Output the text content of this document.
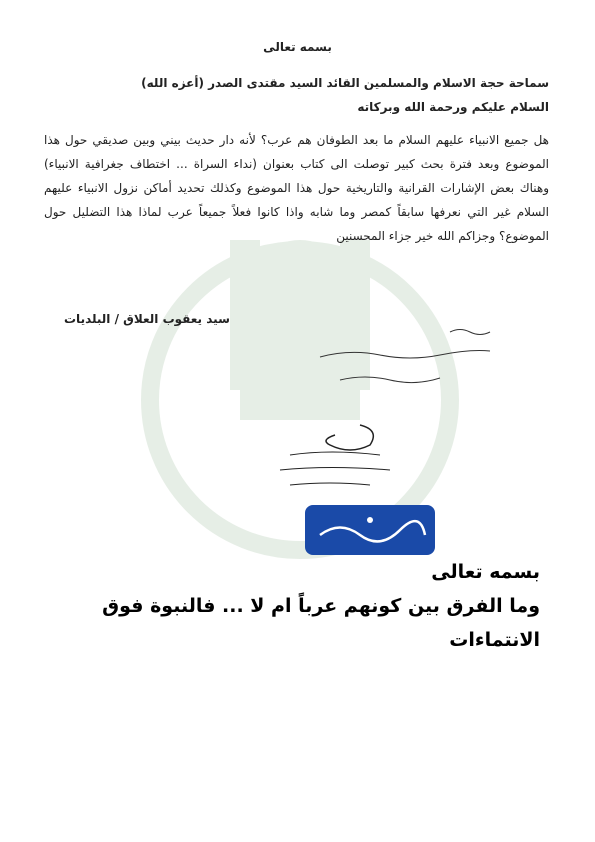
بسمه تعالى
سماحة حجة الاسلام والمسلمين القائد السيد مقتدى الصدر (أعزه الله)
السلام عليكم ورحمة الله وبركاته
هل جميع الانبياء عليهم السلام ما بعد الطوفان هم عرب؟ لأنه دار حديث بيني وبين صديقي حول هذا الموضوع وبعد فترة بحث كبير توصلت الى كتاب بعنوان (نداء السراة ... اختطاف جغرافية الانبياء) وهناك بعض الإشارات القرانية والتاريخية حول هذا الموضوع وكذلك تحديد أماكن نزول الانبياء عليهم السلام غير التي نعرفها سابقاً كمصر وما شابه واذا كانوا فعلاً جميعاً عرب لماذا هذا التضليل حول الموضوع؟ وجزاكم الله خير جزاء المحسنين
سيد يعقوب العلاق / البلديات
بسمه تعالى
وما الفرق بين كونهم عرباً ام لا ... فالنبوة فوق الانتماءات
